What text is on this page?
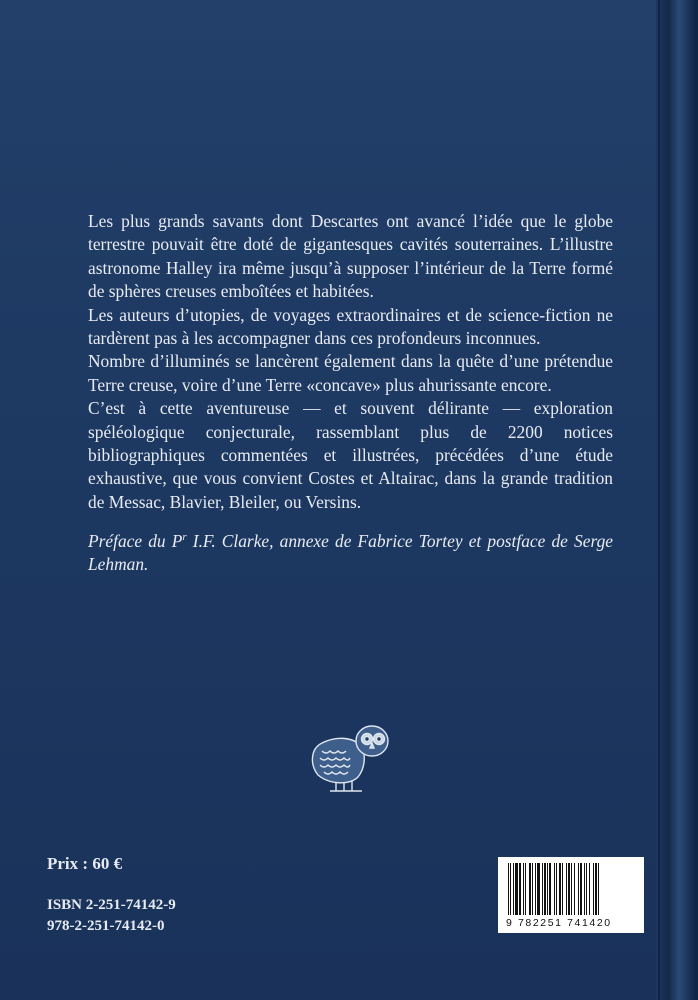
Les plus grands savants dont Descartes ont avancé l’idée que le globe terrestre pouvait être doté de gigantesques cavités souterraines. L’illustre astronome Halley ira même jusqu’à supposer l’intérieur de la Terre formé de sphères creuses emboîtées et habitées.

Les auteurs d’utopies, de voyages extraordinaires et de science-fiction ne tardèrent pas à les accompagner dans ces profondeurs inconnues.

Nombre d’illuminés se lancèrent également dans la quête d’une prétendue Terre creuse, voire d’une Terre «concave» plus ahurissante encore.

C’est à cette aventureuse — et souvent délirante — exploration spéléologique conjecturale, rassemblant plus de 2200 notices bibliographiques commentées et illustrées, précédées d’une étude exhaustive, que vous convient Costes et Altairac, dans la grande tradition de Messac, Blavier, Bleiler, ou Versins.

Préface du $P^r$ I.F. Clarke, annexe de Fabrice Tortey et postface de Serge Lehman.

Prix : 60 €
ISBN 2-251-74142-9
978-2-251-74142-0	9 782251 741420
